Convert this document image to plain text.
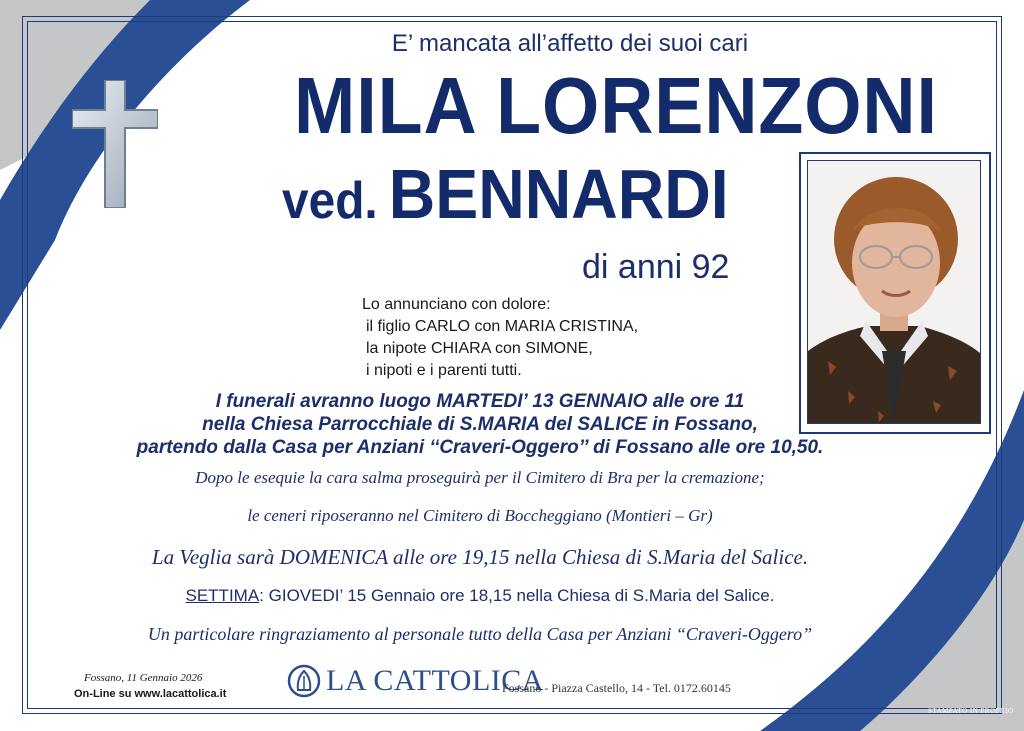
E’ mancata all’affetto dei suoi cari
MILA LORENZONI
ved. BENNARDI
di anni 92
Lo annunciano con dolore:
il figlio CARLO con MARIA CRISTINA,
la nipote CHIARA con SIMONE,
i nipoti e i parenti tutti.
I funerali avranno luogo MARTEDI’ 13 GENNAIO alle ore 11
nella Chiesa Parrocchiale di S.MARIA del SALICE in Fossano,
partendo dalla Casa per Anziani ‘‘Craveri-Oggero’’ di Fossano alle ore 10,50.
Dopo le esequie la cara salma proseguirà per il Cimitero di Bra per la cremazione;
le ceneri riposeranno nel Cimitero di Boccheggiano (Montieri – Gr)
La Veglia sarà DOMENICA alle ore 19,15 nella Chiesa di S.Maria del Salice.
SETTIMA: GIOVEDI’ 15 Gennaio ore 18,15 nella Chiesa di S.Maria del Salice.
Un particolare ringraziamento al personale tutto della Casa per Anziani “Craveri-Oggero”
Fossano, 11 Gennaio 2026
On-Line su www.lacattolica.it	LA CATTOLICA
Fossano - Piazza Castello, 14 - Tel. 0172.60145
STAMPATO IN PROPRIO
